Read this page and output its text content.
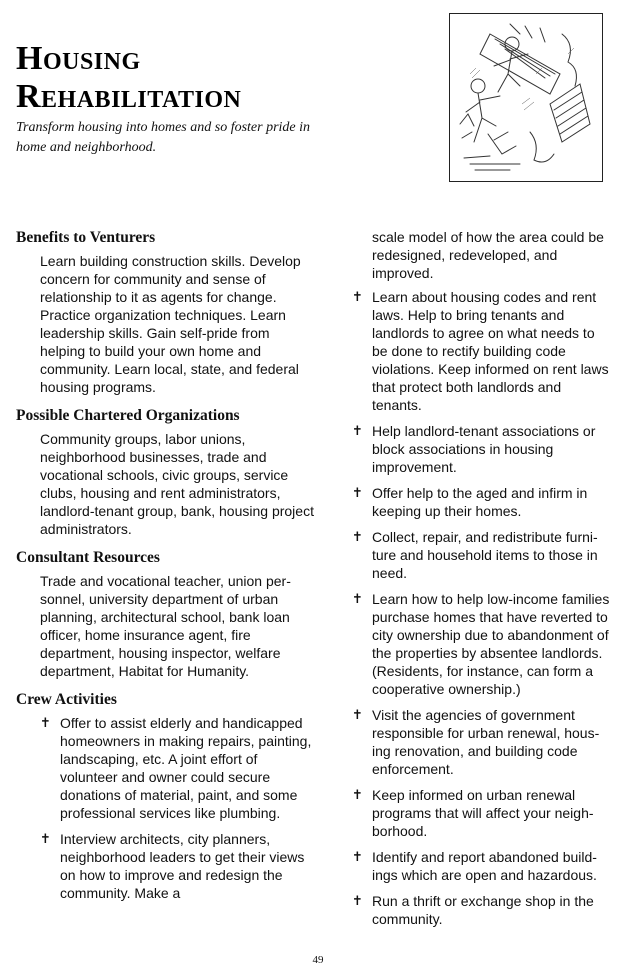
Housing
Rehabilitation

Transform housing into homes and so foster pride in home and neighborhood.

Benefits to Venturers

Learn building construction skills. Develop concern for community and sense of relationship to it as agents for change. Practice organization techniques. Learn leadership skills. Gain self-pride from helping to build your own home and community. Learn local, state, and federal housing programs.

Possible Chartered Organizations

Community groups, labor unions, neighborhood businesses, trade and vocational schools, civic groups, service clubs, housing and rent administrators, landlord-tenant group, bank, housing project administrators.

Consultant Resources

Trade and vocational teacher, union personnel, university department of urban planning, architectural school, bank loan officer, home insurance agent, fire department, housing inspector, welfare department, Habitat for Humanity.

Crew Activities
✝ Offer to assist elderly and handicapped homeowners in making repairs, painting, landscaping, etc. A joint effort of volunteer and owner could secure donations of material, paint, and some professional services like plumbing.
✝ Interview architects, city planners, neighborhood leaders to get their views on how to improve and redesign the community. Make a

scale model of how the area could be redesigned, redeveloped, and improved.

✝ Learn about housing codes and rent laws. Help to bring tenants and landlords to agree on what needs to be done to rectify building code violations. Keep informed on rent laws that protect both landlords and tenants.
✝ Help landlord-tenant associations or block associations in housing improvement.
✝ Offer help to the aged and infirm in keeping up their homes.
✝ Collect, repair, and redistribute furniture and household items to those in need.
✝ Learn how to help low-income families purchase homes that have reverted to city ownership due to abandonment of the properties by absentee landlords. (Residents, for instance, can form a cooperative ownership.)
✝ Visit the agencies of government responsible for urban renewal, housing renovation, and building code enforcement.
✝ Keep informed on urban renewal programs that will affect your neighborhood.
✝ Identify and report abandoned buildings which are open and hazardous.
✝ Run a thrift or exchange shop in the community.
49
